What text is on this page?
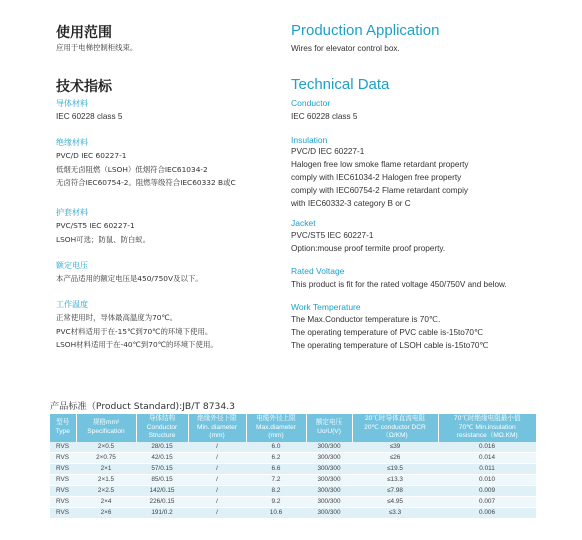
使用范围
应用于电梯控制柜线束。
技术指标
导体材料
IEC 60228 class 5
绝缘材料
PVC/D IEC 60227-1
低烟无卤阻燃（LSOH）低烟符合IEC61034-2
无卤符合IEC60754-2。阻燃等级符合IEC60332 B或C
护套材料
PVC/ST5 IEC 60227-1
LSOH可选；防鼠、防白蚁。
额定电压
本产品适用的额定电压是450/750V及以下。
工作温度
正常使用时，导体最高温度为70℃。
PVC材料适用于在-15℃到70℃的环境下使用。
LSOH材料适用于在-40℃到70℃的环境下使用。
Production Application
Wires for elevator control box.
Technical Data
Conductor
IEC 60228 class 5
Insulation
PVC/D IEC 60227-1
Halogen free low smoke flame retardant property
comply with IEC61034-2 Halogen free property
comply with IEC60754-2 Flame retardant compiy
with IEC60332-3 category B or C
Jacket
PVC/ST5 IEC 60227-1
Option:mouse proof termite proof property.
Rated Voltage
This product is fit for the rated voltage 450/750V and below.
Work Temperature
The Max.Conductor temperature is 70℃.
The operating temperature of PVC cable is-15to70℃
The operating temperature of LSOH cable is-15to70℃
产品标准（Product Standard):JB/T 8734.3
型号
Type	规格mm²
Specification	导体结构
Conductor
Structure	绝缘外径下限
Min. diameter
(mm)	电缆外径上限
Max.diameter
(mm)	额定电压
Uo/U(V)	20℃时导体直流电阻
20℃ conductor DCR
（Ω/KM)	70℃时绝缘电阻最小值
70℃ Min.insulation
resistance（MΩ.KM)

RVS	2×0.5	28/0.15	/	6.0	300/300	≤39	0.016
RVS	2×0.75	42/0.15	/	6.2	300/300	≤26	0.014
RVS	2×1	57/0.15	/	6.6	300/300	≤19.5	0.011
RVS	2×1.5	85/0.15	/	7.2	300/300	≤13.3	0.010
RVS	2×2.5	142/0.15	/	8.2	300/300	≤7.98	0.009
RVS	2×4	226/0.15	/	9.2	300/300	≤4.95	0.007
RVS	2×6	191/0.2	/	10.6	300/300	≤3.3	0.006
